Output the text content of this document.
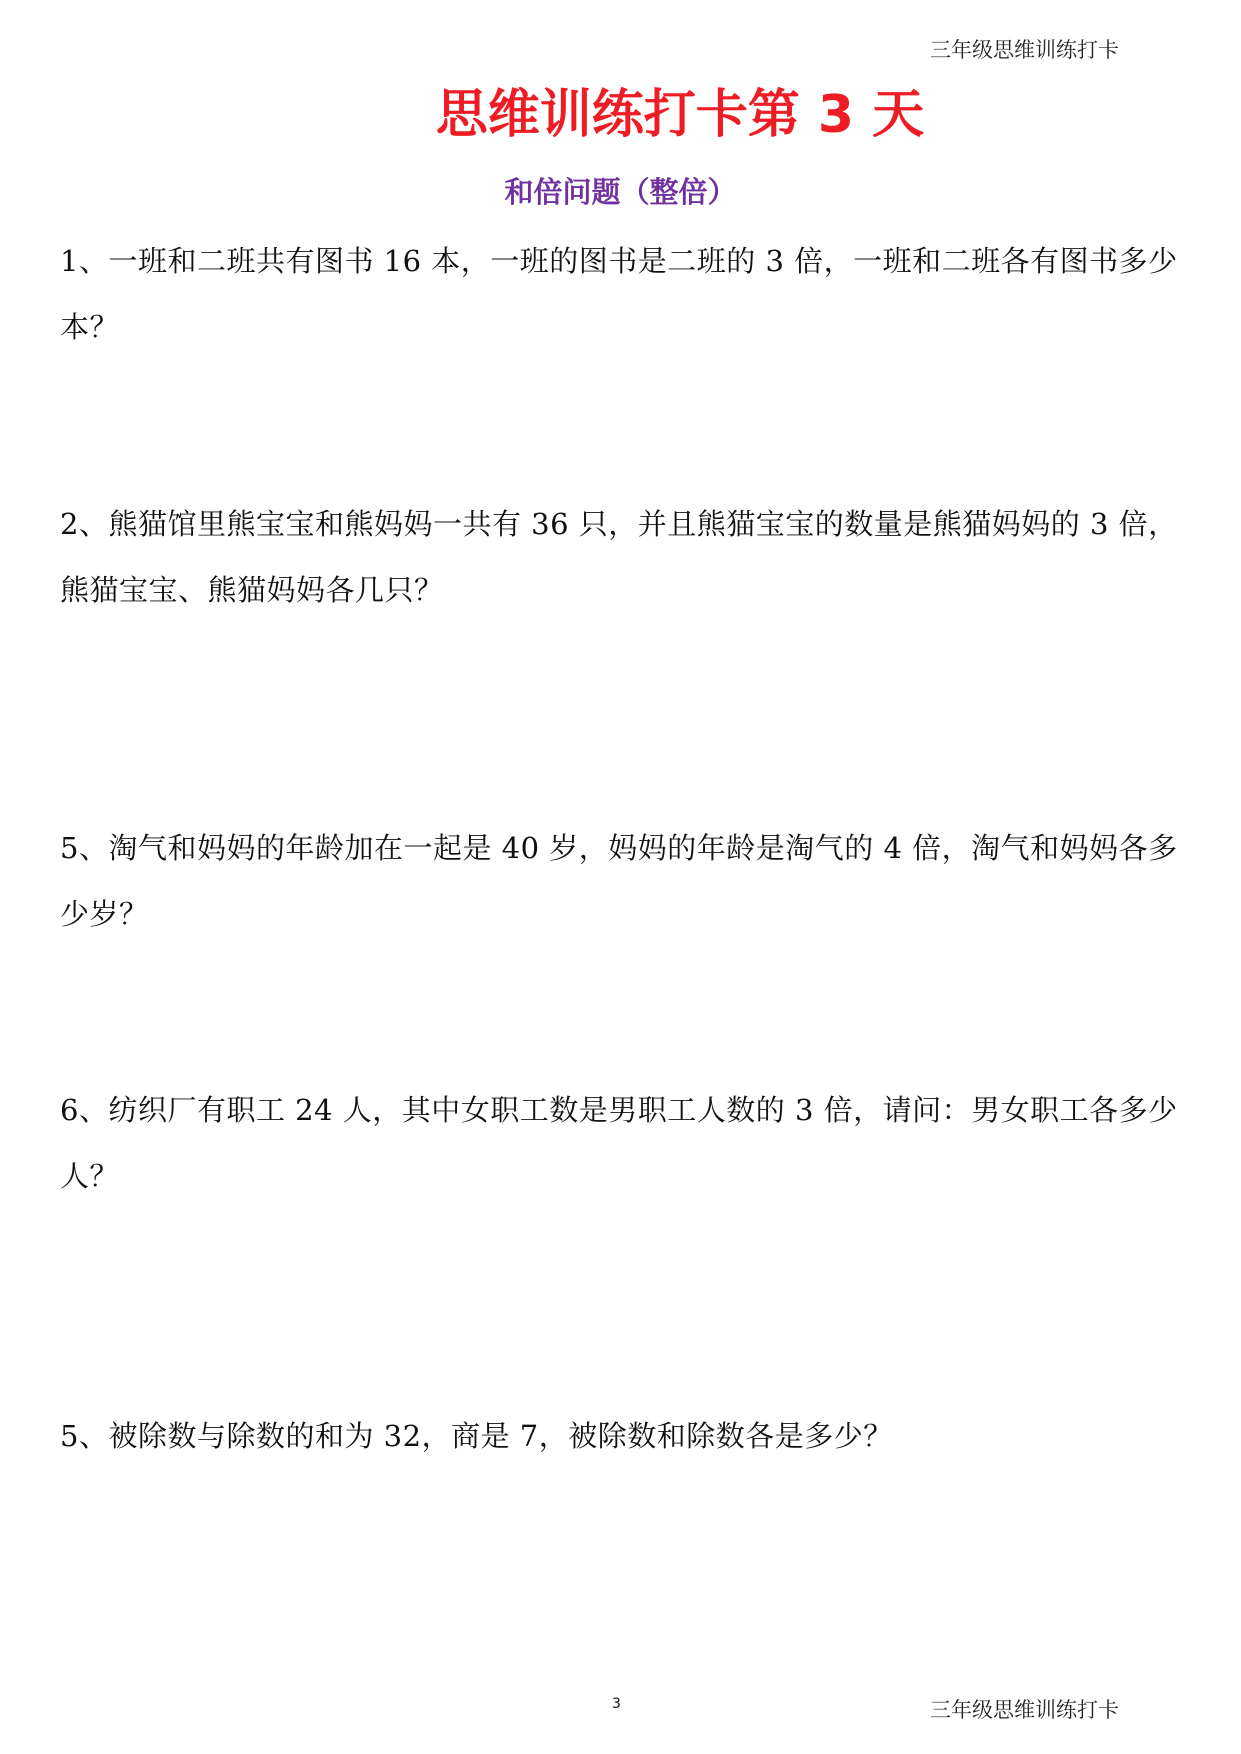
三年级思维训练打卡
思维训练打卡第 3 天
和倍问题（整倍）

1、一班和二班共有图书 16 本，一班的图书是二班的 3 倍，一班和二班各有图书多少本？

2、熊猫馆里熊宝宝和熊妈妈一共有 36 只，并且熊猫宝宝的数量是熊猫妈妈的 3 倍，熊猫宝宝、熊猫妈妈各几只？

5、淘气和妈妈的年龄加在一起是 40 岁，妈妈的年龄是淘气的 4 倍，淘气和妈妈各多少岁？

6、纺织厂有职工 24 人，其中女职工数是男职工人数的 3 倍，请问：男女职工各多少人？

5、被除数与除数的和为 32，商是 7，被除数和除数各是多少？

3	三年级思维训练打卡
